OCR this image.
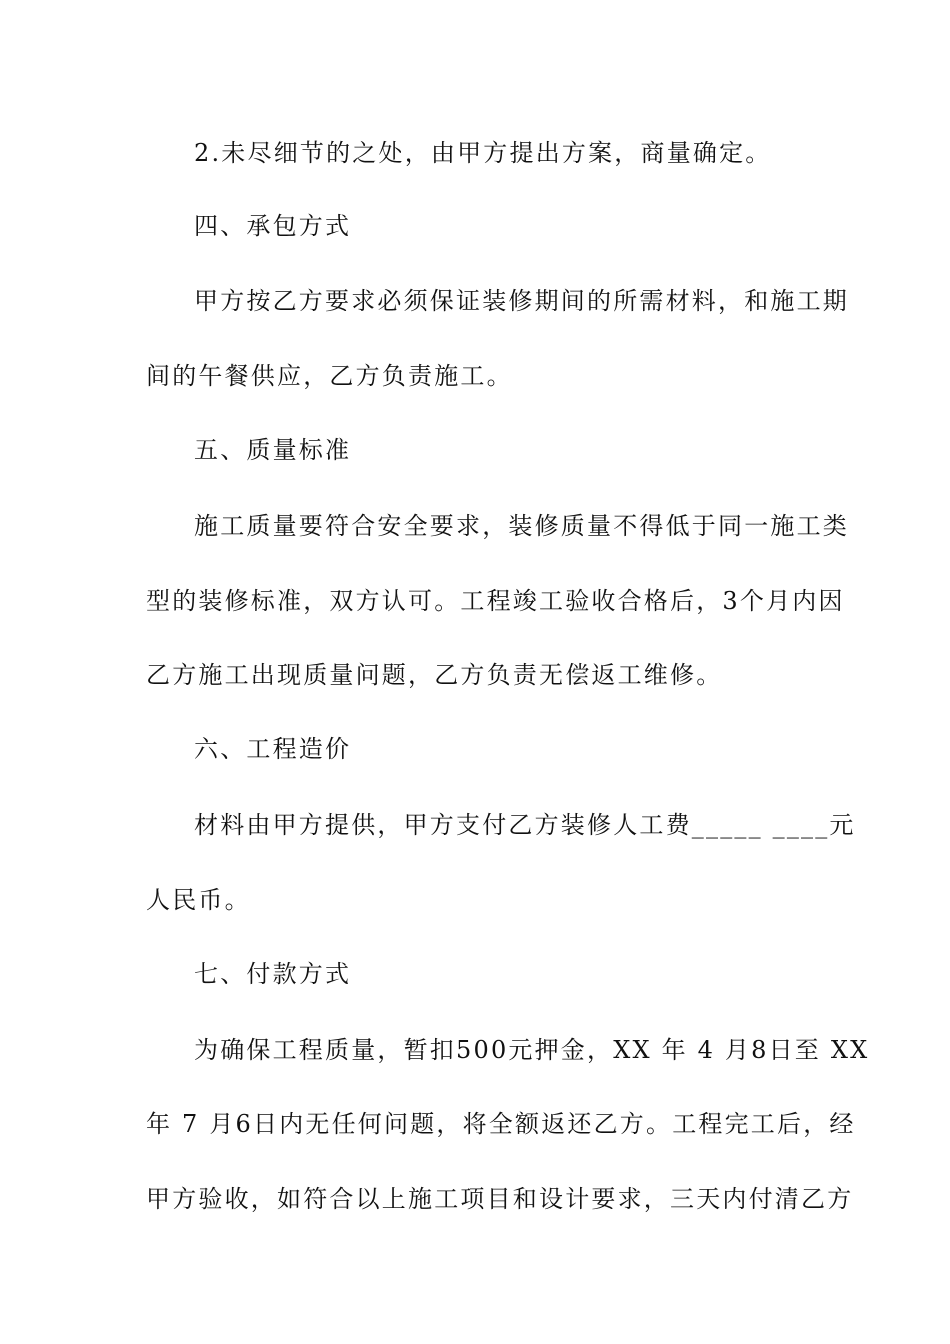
2.未尽细节的之处，由甲方提出方案，商量确定。
四、承包方式
甲方按乙方要求必须保证装修期间的所需材料，和施工期
间的午餐供应，乙方负责施工。
五、质量标准
施工质量要符合安全要求，装修质量不得低于同一施工类
型的装修标准，双方认可。工程竣工验收合格后，3个月内因
乙方施工出现质量问题，乙方负责无偿返工维修。
六、工程造价
材料由甲方提供，甲方支付乙方装修人工费_____ ____元
人民币。
七、付款方式
为确保工程质量，暂扣500元押金，XX 年 4 月8日至 XX
年 7 月6日内无任何问题，将全额返还乙方。工程完工后，经
甲方验收，如符合以上施工项目和设计要求，三天内付清乙方
